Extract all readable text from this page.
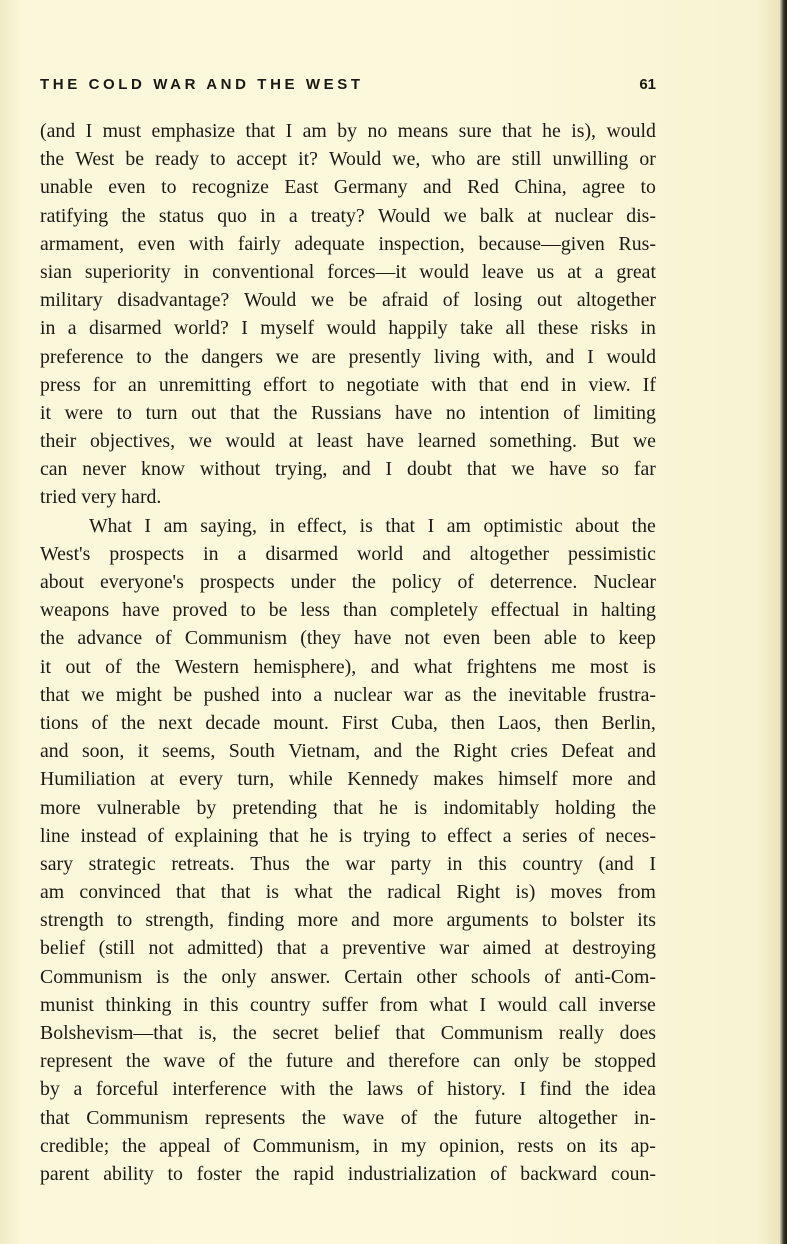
THE COLD WAR AND THE WEST	61
(and I must emphasize that I am by no means sure that he is), would
the West be ready to accept it? Would we, who are still unwilling or
unable even to recognize East Germany and Red China, agree to
ratifying the status quo in a treaty? Would we balk at nuclear dis-
armament, even with fairly adequate inspection, because—given Rus-
sian superiority in conventional forces—it would leave us at a great
military disadvantage? Would we be afraid of losing out altogether
in a disarmed world? I myself would happily take all these risks in
preference to the dangers we are presently living with, and I would
press for an unremitting effort to negotiate with that end in view. If
it were to turn out that the Russians have no intention of limiting
their objectives, we would at least have learned something. But we
can never know without trying, and I doubt that we have so far
tried very hard.
What I am saying, in effect, is that I am optimistic about the
West's prospects in a disarmed world and altogether pessimistic
about everyone's prospects under the policy of deterrence. Nuclear
weapons have proved to be less than completely effectual in halting
the advance of Communism (they have not even been able to keep
it out of the Western hemisphere), and what frightens me most is
that we might be pushed into a nuclear war as the inevitable frustra-
tions of the next decade mount. First Cuba, then Laos, then Berlin,
and soon, it seems, South Vietnam, and the Right cries Defeat and
Humiliation at every turn, while Kennedy makes himself more and
more vulnerable by pretending that he is indomitably holding the
line instead of explaining that he is trying to effect a series of neces-
sary strategic retreats. Thus the war party in this country (and I
am convinced that that is what the radical Right is) moves from
strength to strength, finding more and more arguments to bolster its
belief (still not admitted) that a preventive war aimed at destroying
Communism is the only answer. Certain other schools of anti-Com-
munist thinking in this country suffer from what I would call inverse
Bolshevism—that is, the secret belief that Communism really does
represent the wave of the future and therefore can only be stopped
by a forceful interference with the laws of history. I find the idea
that Communism represents the wave of the future altogether in-
credible; the appeal of Communism, in my opinion, rests on its ap-
parent ability to foster the rapid industrialization of backward coun-
